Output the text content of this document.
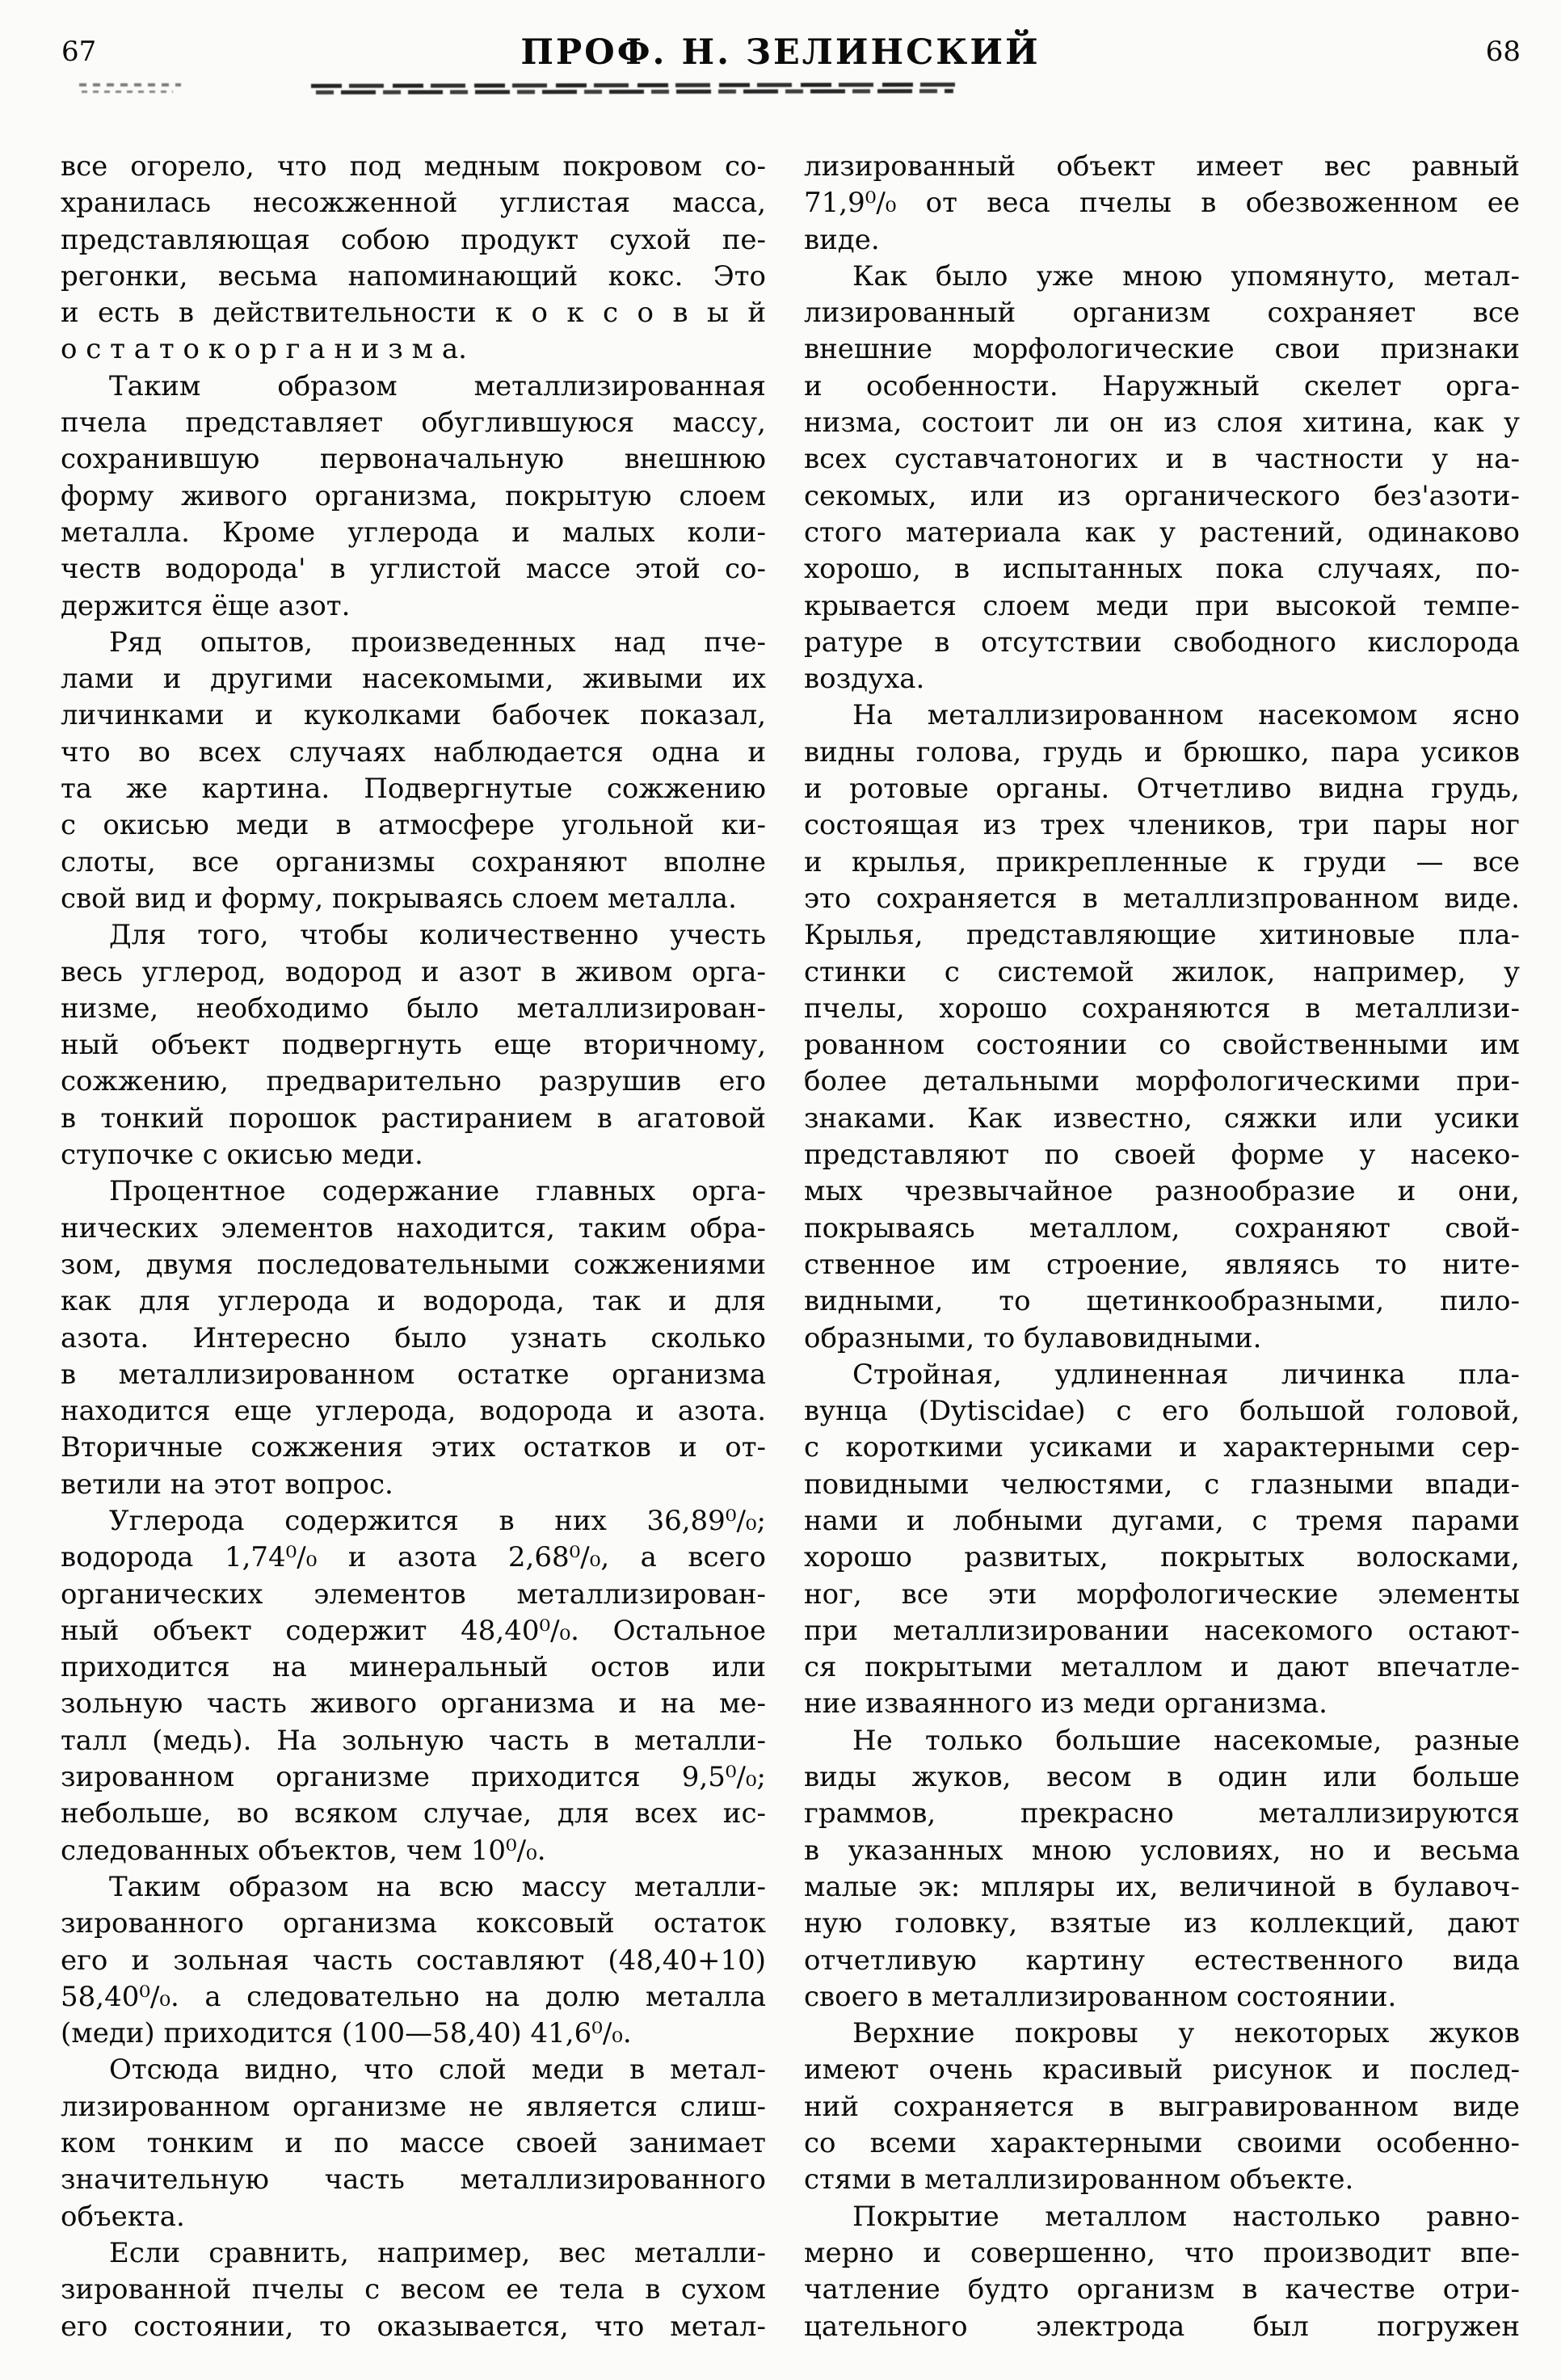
67	ПРОФ. Н. ЗЕЛИНСКИЙ	68
все огорело, что под медным покровом со-
хранилась несожженной углистая масса,
представляющая собою продукт сухой пе-
регонки, весьма напоминающий кокс. Это
и есть в действительности к о к с о в ы й
о с т а т о к о р г а н и з м а.
Таким образом металлизированная
пчела представляет обуглившуюся массу,
сохранившую первоначальную внешнюю
форму живого организма, покрытую слоем
металла. Кроме углерода и малых коли-
честв водорода' в углистой массе этой со-
держится ёще азот.
Ряд опытов, произведенных над пче-
лами и другими насекомыми, живыми их
личинками и куколками бабочек показал,
что во всех случаях наблюдается одна и
та же картина. Подвергнутые сожжению
с окисью меди в атмосфере угольной ки-
слоты, все организмы сохраняют вполне
свой вид и форму, покрываясь слоем металла.
Для того, чтобы количественно учесть
весь углерод, водород и азот в живом орга-
низме, необходимо было металлизирован-
ный объект подвергнуть еще вторичному,
сожжению, предварительно разрушив его
в тонкий порошок растиранием в агатовой
ступочке с окисью меди.
Процентное содержание главных орга-
нических элементов находится, таким обра-
зом, двумя последовательными сожжениями
как для углерода и водорода, так и для
азота. Интересно было узнать сколько
в металлизированном остатке организма
находится еще углерода, водорода и азота.
Вторичные сожжения этих остатков и от-
ветили на этот вопрос.
Углерода содержится в них 36,89⁰/₀;
водорода 1,74⁰/₀ и азота 2,68⁰/₀, а всего
органических элементов металлизирован-
ный объект содержит 48,40⁰/₀. Остальное
приходится на минеральный остов или
зольную часть живого организма и на ме-
талл (медь). На зольную часть в металли-
зированном организме приходится 9,5⁰/₀;
небольше, во всяком случае, для всех ис-
следованных объектов, чем 10⁰/₀.
Таким образом на всю массу металли-
зированного организма коксовый остаток
его и зольная часть составляют (48,40+10)
58,40⁰/₀. а следовательно на долю металла
(меди) приходится (100—58,40) 41,6⁰/₀.
Отсюда видно, что слой меди в метал-
лизированном организме не является слиш-
ком тонким и по массе своей занимает
значительную часть металлизированного
объекта.
Если сравнить, например, вес металли-
зированной пчелы с весом ее тела в сухом
его состоянии, то оказывается, что метал-
лизированный объект имеет вес равный
71,9⁰/₀ от веса пчелы в обезвоженном ее
виде.
Как было уже мною упомянуто, метал-
лизированный организм сохраняет все
внешние морфологические свои признаки
и особенности. Наружный скелет орга-
низма, состоит ли он из слоя хитина, как у
всех суставчатоногих и в частности у на-
секомых, или из органического без'азоти-
стого материала как у растений, одинаково
хорошо, в испытанных пока случаях, по-
крывается слоем меди при высокой темпе-
ратуре в отсутствии свободного кислорода
воздуха.
На металлизированном насекомом ясно
видны голова, грудь и брюшко, пара усиков
и ротовые органы. Отчетливо видна грудь,
состоящая из трех члеников, три пары ног
и крылья, прикрепленные к груди — все
это сохраняется в металлизпрованном виде.
Крылья, представляющие хитиновые пла-
стинки с системой жилок, например, у
пчелы, хорошо сохраняются в металлизи-
рованном состоянии со свойственными им
более детальными морфологическими при-
знаками. Как известно, сяжки или усики
представляют по своей форме у насеко-
мых чрезвычайное разнообразие и они,
покрываясь металлом, сохраняют свой-
ственное им строение, являясь то ните-
видными, то щетинкообразными, пило-
образными, то булавовидными.
Стройная, удлиненная личинка пла-
вунца (Dytiscidae) с его большой головой,
с короткими усиками и характерными сер-
повидными челюстями, с глазными впади-
нами и лобными дугами, с тремя парами
хорошо развитых, покрытых волосками,
ног, все эти морфологические элементы
при металлизировании насекомого остают-
ся покрытыми металлом и дают впечатле-
ние изваянного из меди организма.
Не только большие насекомые, разные
виды жуков, весом в один или больше
граммов, прекрасно металлизируются
в указанных мною условиях, но и весьма
малые эк: мпляры их, величиной в булавоч-
ную головку, взятые из коллекций, дают
отчетливую картину естественного вида
своего в металлизированном состоянии.
Верхние покровы у некоторых жуков
имеют очень красивый рисунок и послед-
ний сохраняется в выгравированном виде
со всеми характерными своими особенно-
стями в металлизированном объекте.
Покрытие металлом настолько равно-
мерно и совершенно, что производит впе-
чатление будто организм в качестве отри-
цательного электрода был погружен
